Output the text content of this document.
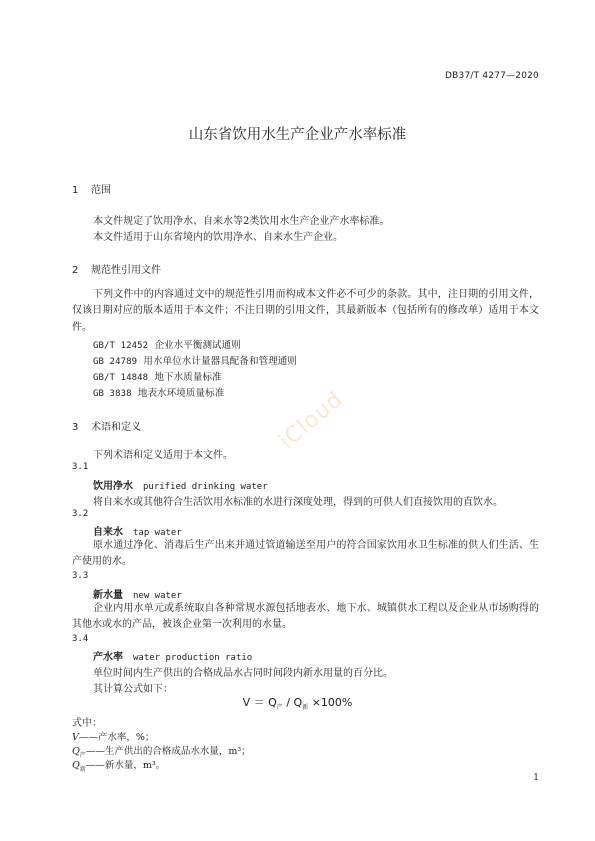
DB37/T 4277—2020
山东省饮用水生产企业产水率标准
1 范围
本文件规定了饮用净水、自来水等2类饮用水生产企业产水率标准。
本文件适用于山东省境内的饮用净水、自来水生产企业。
2 规范性引用文件
下列文件中的内容通过文中的规范性引用而构成本文件必不可少的条款。其中，注日期的引用文件，仅该日期对应的版本适用于本文件；不注日期的引用文件，其最新版本（包括所有的修改单）适用于本文件。
GB/T 12452 企业水平衡测试通则
GB 24789 用水单位水计量器具配备和管理通则
GB/T 14848 地下水质量标准
GB 3838 地表水环境质量标准
3 术语和定义
下列术语和定义适用于本文件。
3.1
饮用净水 purified drinking water
将自来水或其他符合生活饮用水标准的水进行深度处理，得到的可供人们直接饮用的直饮水。
3.2
自来水 tap water
原水通过净化、消毒后生产出来并通过管道输送至用户的符合国家饮用水卫生标准的供人们生活、生产使用的水。
3.3
新水量 new water
企业内用水单元或系统取自各种常规水源包括地表水、地下水、城镇供水工程以及企业从市场购得的其他水或水的产品，被该企业第一次利用的水量。
3.4
产水率 water production ratio
单位时间内生产供出的合格成品水占同时间段内新水用量的百分比。
其计算公式如下：
$V = Q_产 / Q_新 \times 100\%$
式中：
V——产水率，%；
$Q_产——$生产供出的合格成品水水量，m³；
$Q_新——$新水量，m³。
1
iCloud
